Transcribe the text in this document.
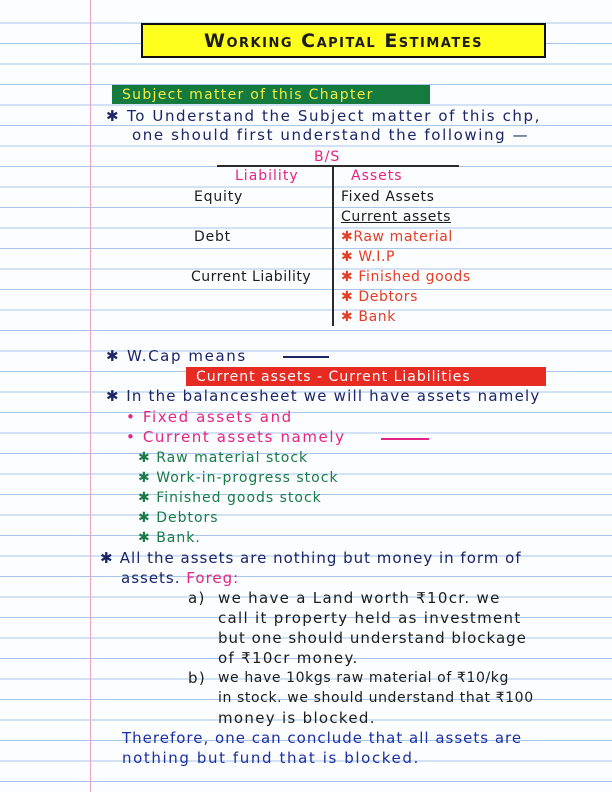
Working Capital Estimates
Subject matter of this Chapter
✱ To Understand the Subject matter of this chp,
one should first understand the following —
B/S
Liability	Assets
Equity
Debt
Current Liability
Fixed Assets
Current assets
✱Raw material
✱ W.I.P
✱ Finished goods
✱ Debtors
✱ Bank
✱ W.Cap means
Current assets - Current Liabilities
✱ In the balancesheet we will have assets namely
• Fixed assets and
• Current assets namely
✱ Raw material stock
✱ Work-in-progress stock
✱ Finished goods stock
✱ Debtors
✱ Bank.
✱ All the assets are nothing but money in form of
assets. Foreg:
a) we have a Land worth ₹10cr. we
call it property held as investment
but one should understand blockage
of ₹10cr money.
b) we have 10kgs raw material of ₹10/kg
in stock. we should understand that ₹100
money is blocked.
Therefore, one can conclude that all assets are
nothing but fund that is blocked.
